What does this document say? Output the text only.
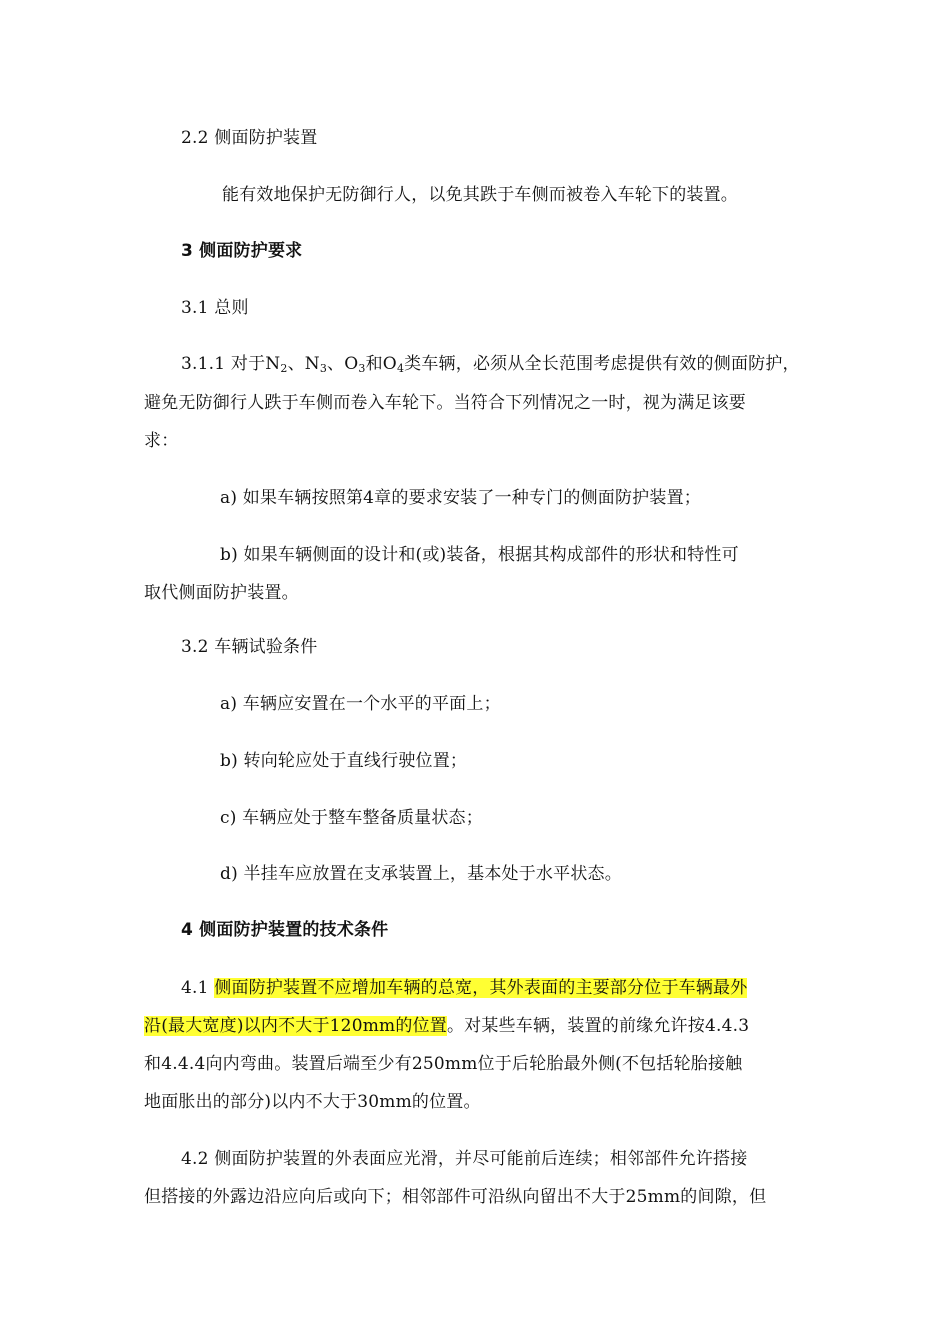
2.2 侧面防护装置
能有效地保护无防御行人，以免其跌于车侧而被卷入车轮下的装置。
3 侧面防护要求
3.1 总则
3.1.1 对于$N_2$、$N_3$、$O_3$和$O_4$类车辆，必须从全长范围考虑提供有效的侧面防护，
避免无防御行人跌于车侧而卷入车轮下。当符合下列情况之一时，视为满足该要
求：
a) 如果车辆按照第4章的要求安装了一种专门的侧面防护装置；
b) 如果车辆侧面的设计和(或)装备，根据其构成部件的形状和特性可
取代侧面防护装置。
3.2 车辆试验条件
a) 车辆应安置在一个水平的平面上；
b) 转向轮应处于直线行驶位置；
c) 车辆应处于整车整备质量状态；
d) 半挂车应放置在支承装置上，基本处于水平状态。
4 侧面防护装置的技术条件
4.1 侧面防护装置不应增加车辆的总宽，其外表面的主要部分位于车辆最外
沿(最大宽度)以内不大于120mm的位置。对某些车辆，装置的前缘允许按4.4.3
和4.4.4向内弯曲。装置后端至少有250mm位于后轮胎最外侧(不包括轮胎接触
地面胀出的部分)以内不大于30mm的位置。
4.2 侧面防护装置的外表面应光滑，并尽可能前后连续；相邻部件允许搭接
但搭接的外露边沿应向后或向下；相邻部件可沿纵向留出不大于25mm的间隙，但
